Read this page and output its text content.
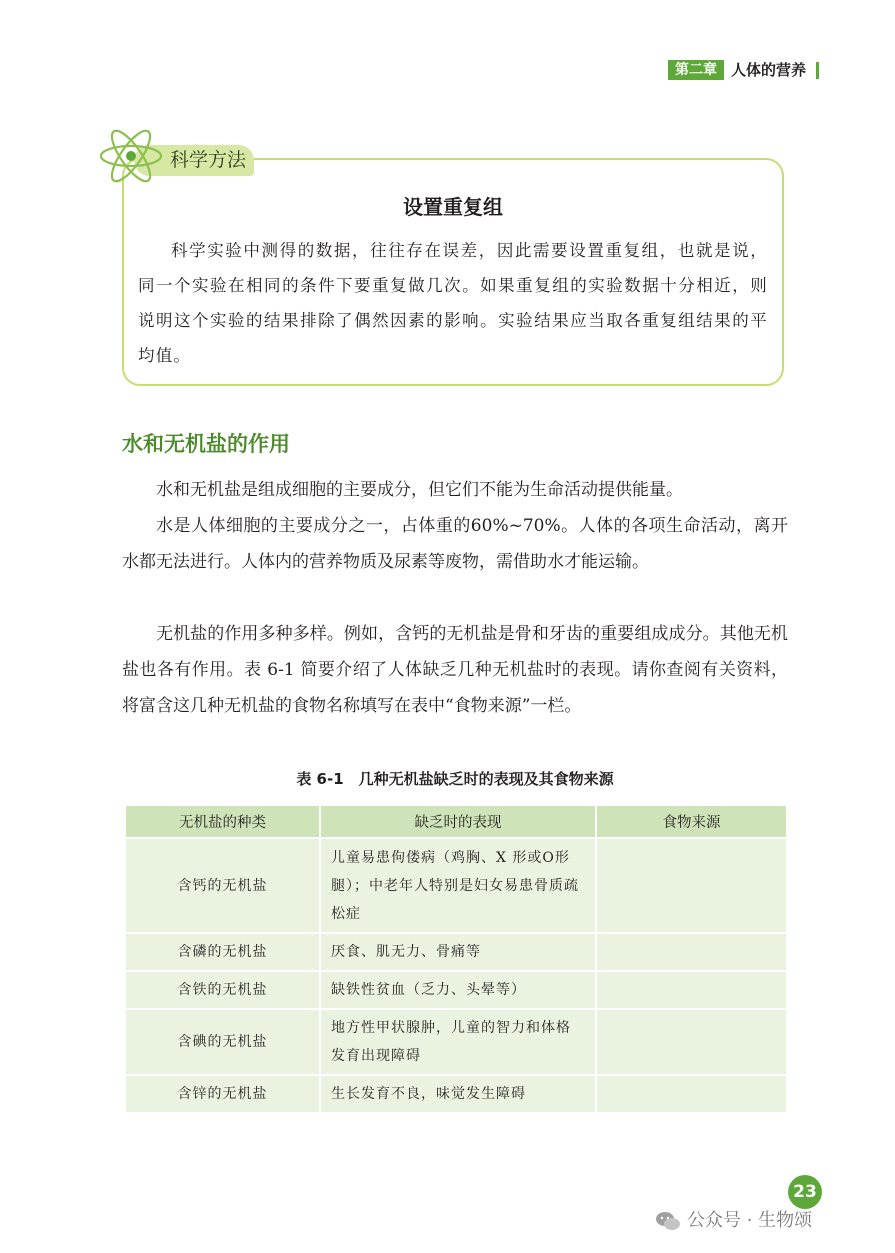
第二章 人体的营养
科学方法
设置重复组

科学实验中测得的数据，往往存在误差，因此需要设置重复组，也就是说，同一个实验在相同的条件下要重复做几次。如果重复组的实验数据十分相近，则说明这个实验的结果排除了偶然因素的影响。实验结果应当取各重复组结果的平均值。

水和无机盐的作用

水和无机盐是组成细胞的主要成分，但它们不能为生命活动提供能量。

水是人体细胞的主要成分之一，占体重的60%~70%。人体的各项生命活动，离开水都无法进行。人体内的营养物质及尿素等废物，需借助水才能运输。

无机盐的作用多种多样。例如，含钙的无机盐是骨和牙齿的重要组成成分。其他无机盐也各有作用。表 6-1 简要介绍了人体缺乏几种无机盐时的表现。请你查阅有关资料，将富含这几种无机盐的食物名称填写在表中“食物来源”一栏。

表 6-1　几种无机盐缺乏时的表现及其食物来源
无机盐的种类	缺乏时的表现	食物来源
含钙的无机盐	儿童易患佝偻病（鸡胸、X 形或O形腿）；中老年人特别是妇女易患骨质疏松症	
含磷的无机盐	厌食、肌无力、骨痛等	
含铁的无机盐	缺铁性贫血（乏力、头晕等）	
含碘的无机盐	地方性甲状腺肿，儿童的智力和体格发育出现障碍	
含锌的无机盐	生长发育不良，味觉发生障碍	
23
公众号 · 生物颂
